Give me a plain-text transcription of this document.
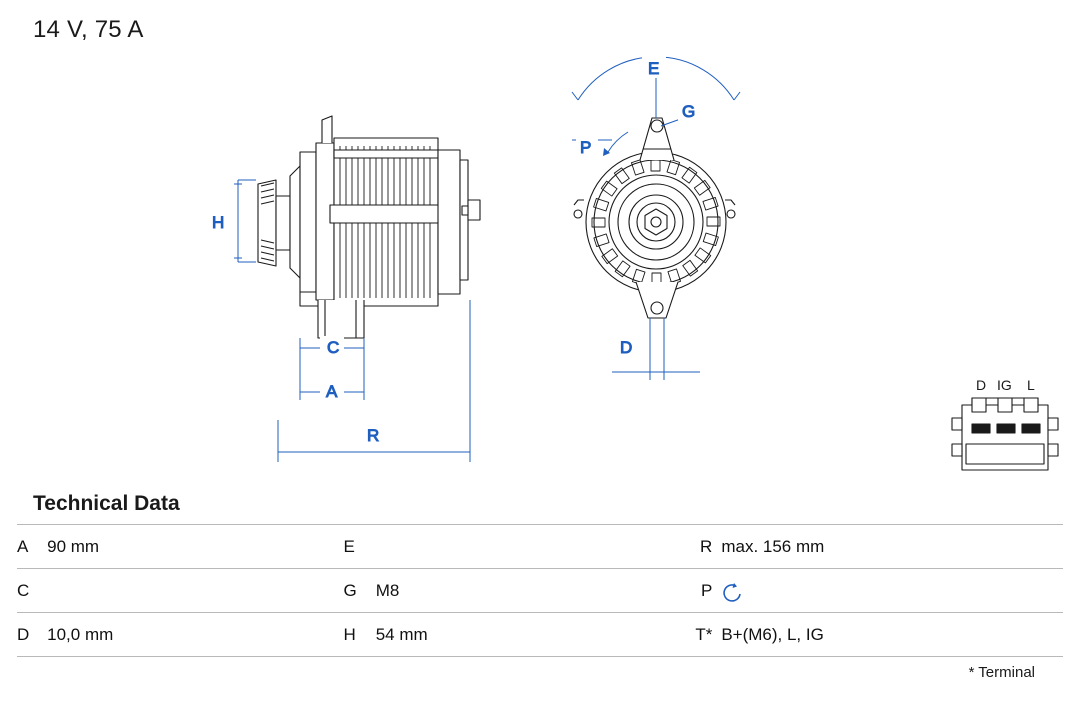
14 V, 75 A
H
C
A
R
E
G
P
D
D IG L
Technical Data
A	90 mm	E		R	max. 156 mm
C		G	M8	P	
D	10,0 mm	H	54 mm	T*	B+(M6), L, IG
* Terminal
